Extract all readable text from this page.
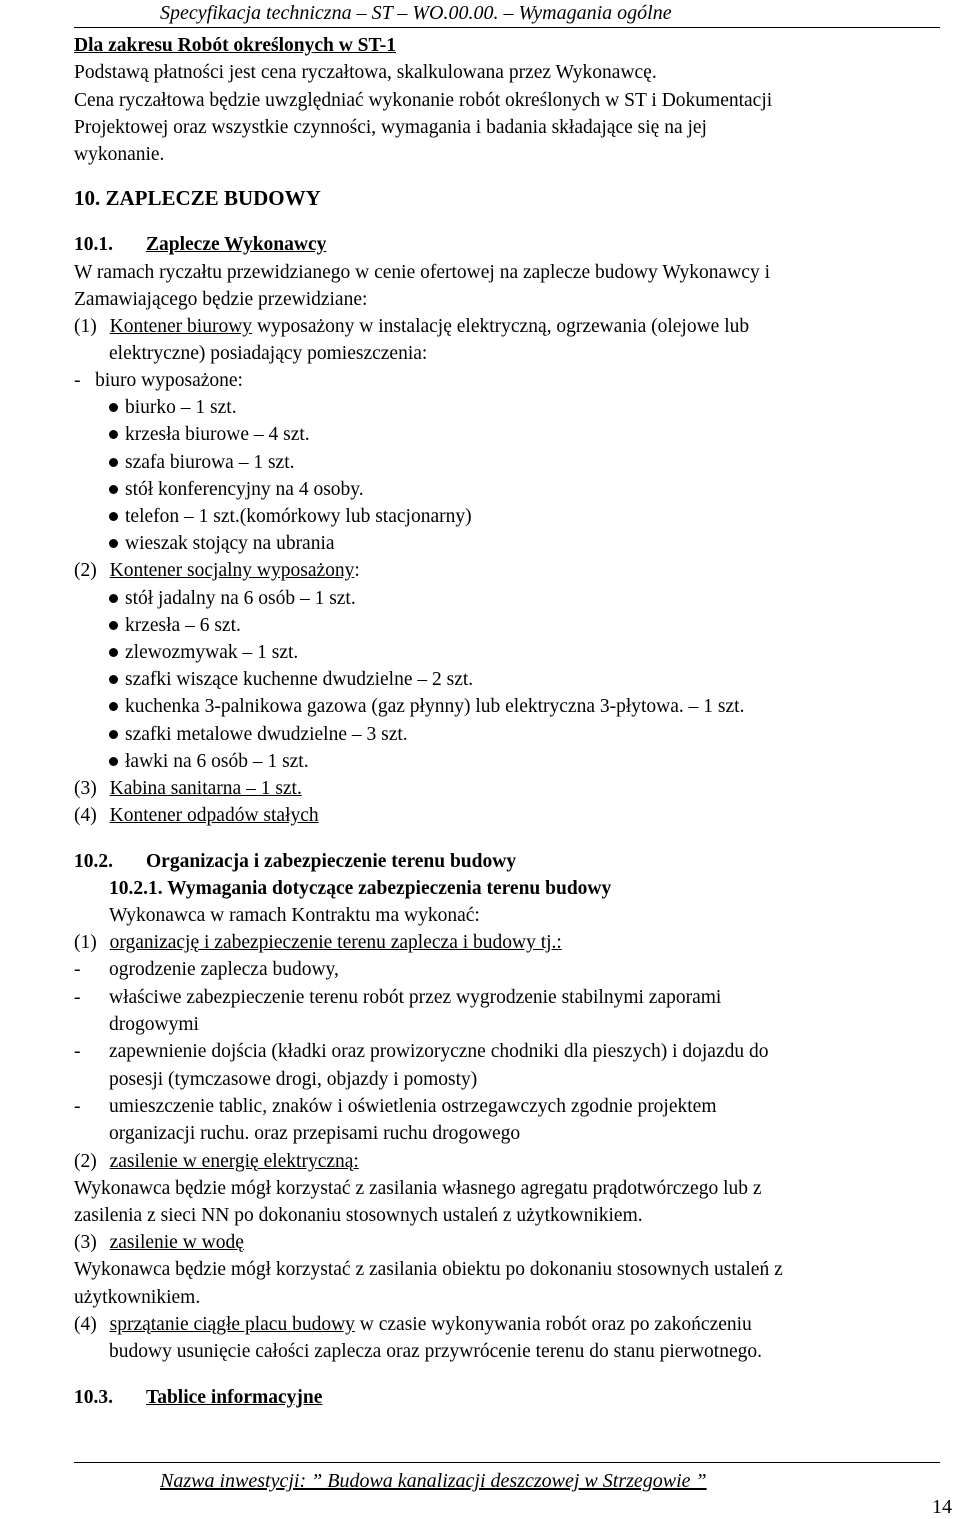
Specyfikacja techniczna – ST – WO.00.00. – Wymagania ogólne
Dla zakresu Robót określonych w ST-1
Podstawą płatności jest cena ryczałtowa, skalkulowana przez Wykonawcę.
Cena ryczałtowa będzie uwzględniać wykonanie robót określonych w ST i Dokumentacji
Projektowej oraz wszystkie czynności, wymagania i badania składające się na jej
wykonanie.
10. ZAPLECZE BUDOWY
10.1. Zaplecze Wykonawcy
W ramach ryczałtu przewidzianego w cenie ofertowej na zaplecze budowy Wykonawcy i
Zamawiającego będzie przewidziane:
(1) Kontener biurowy wyposażony w instalację elektryczną, ogrzewania (olejowe lub
elektryczne) posiadający pomieszczenia:
-   biuro wyposażone:
biurko – 1 szt.
krzesła biurowe – 4 szt.
szafa biurowa – 1 szt.
stół konferencyjny na 4 osoby.
telefon – 1 szt.(komórkowy lub stacjonarny)
wieszak stojący na ubrania
(2) Kontener socjalny wyposażony:
stół jadalny na 6 osób – 1 szt.
krzesła – 6 szt.
zlewozmywak – 1 szt.
szafki wiszące kuchenne dwudzielne – 2 szt.
kuchenka 3-palnikowa gazowa (gaz płynny) lub elektryczna 3-płytowa. – 1 szt.
szafki metalowe dwudzielne – 3 szt.
ławki na 6 osób – 1 szt.
(3) Kabina sanitarna – 1 szt.
(4) Kontener odpadów stałych
10.2. Organizacja i zabezpieczenie terenu budowy
10.2.1. Wymagania dotyczące zabezpieczenia terenu budowy
Wykonawca w ramach Kontraktu ma wykonać:
(1) organizację i zabezpieczenie terenu zaplecza i budowy tj.:
- ogrodzenie zaplecza budowy,
- właściwe zabezpieczenie terenu robót przez wygrodzenie stabilnymi zaporami
drogowymi
- zapewnienie dojścia (kładki oraz prowizoryczne chodniki dla pieszych) i dojazdu do
posesji (tymczasowe drogi, objazdy i pomosty)
- umieszczenie tablic, znaków i oświetlenia ostrzegawczych zgodnie projektem
organizacji ruchu. oraz przepisami ruchu drogowego
(2) zasilenie w energię elektryczną:
Wykonawca będzie mógł korzystać z zasilania własnego agregatu prądotwórczego lub z
zasilenia z sieci NN po dokonaniu stosownych ustaleń z użytkownikiem.
(3) zasilenie w wodę
Wykonawca będzie mógł korzystać z zasilania obiektu po dokonaniu stosownych ustaleń z
użytkownikiem.
(4) sprzątanie ciągłe placu budowy w czasie wykonywania robót oraz po zakończeniu
budowy usunięcie całości zaplecza oraz przywrócenie terenu do stanu pierwotnego.
10.3. Tablice informacyjne
Nazwa inwestycji: ” Budowa kanalizacji deszczowej w Strzegowie ”
14
